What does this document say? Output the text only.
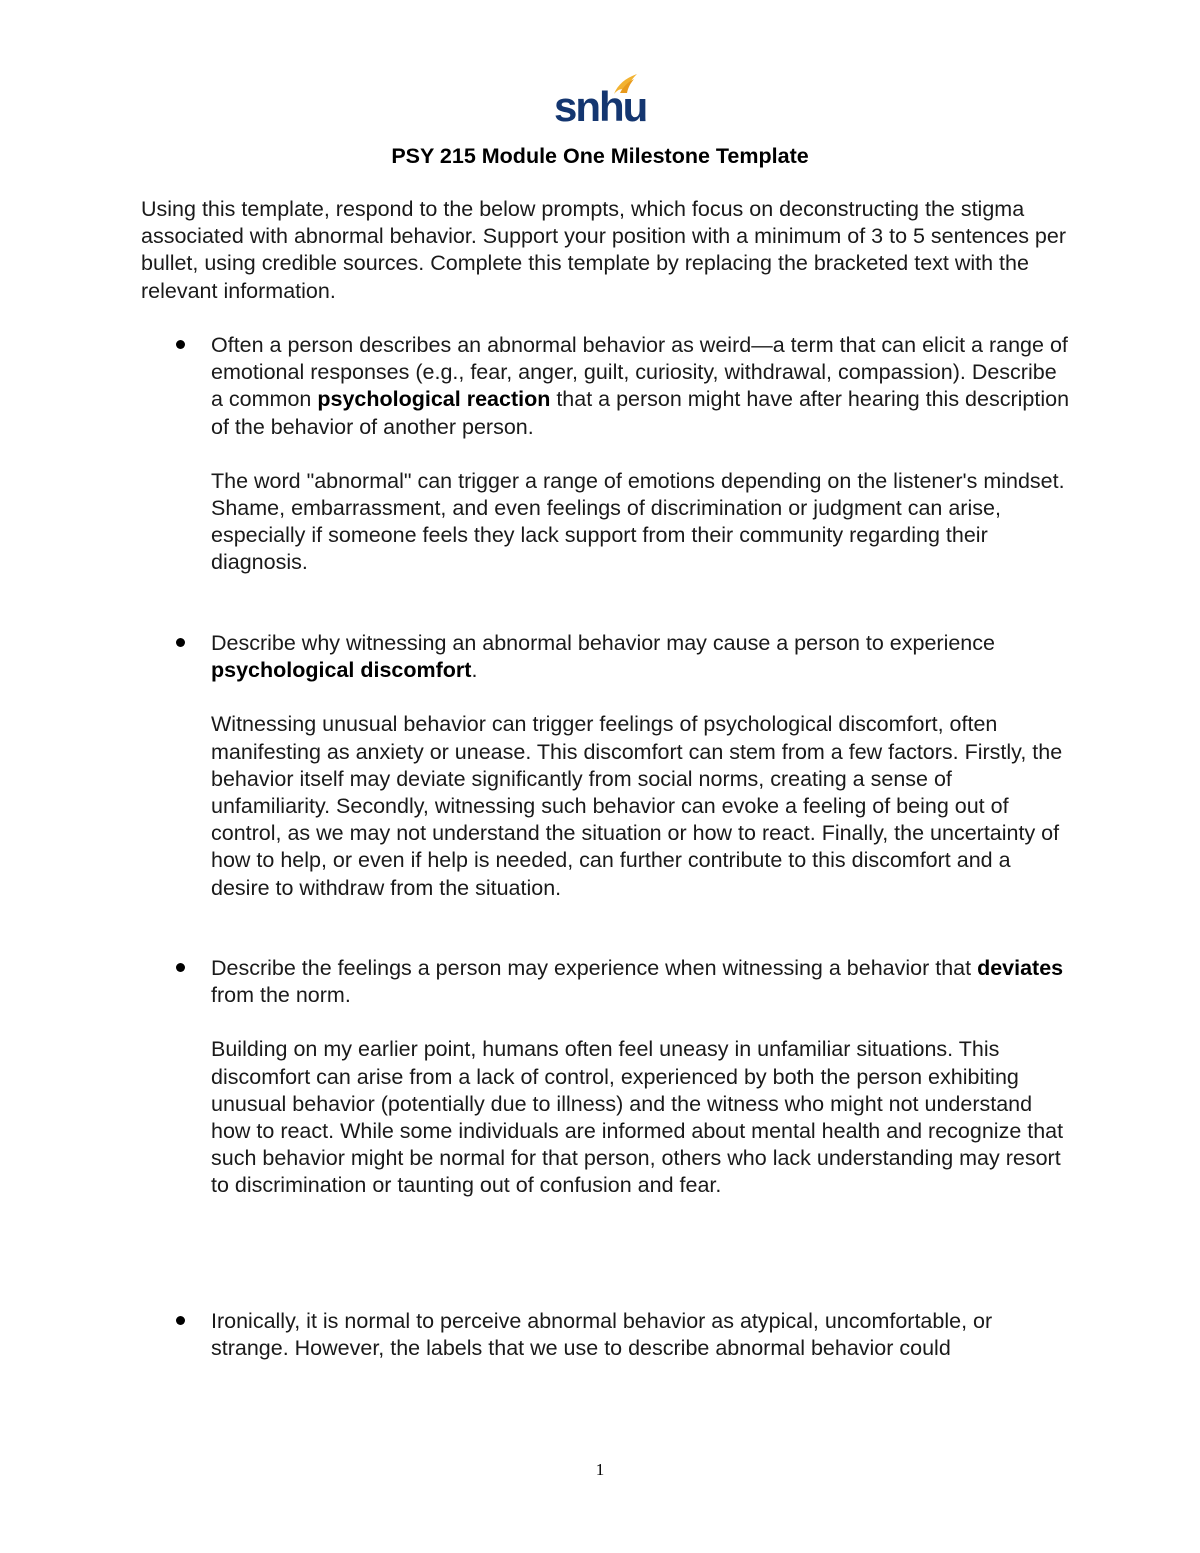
snhu
PSY 215 Module One Milestone Template

Using this template, respond to the below prompts, which focus on deconstructing the stigma associated with abnormal behavior. Support your position with a minimum of 3 to 5 sentences per bullet, using credible sources. Complete this template by replacing the bracketed text with the relevant information.

Often a person describes an abnormal behavior as weird—a term that can elicit a range of emotional responses (e.g., fear, anger, guilt, curiosity, withdrawal, compassion). Describe a common psychological reaction that a person might have after hearing this description of the behavior of another person.

The word "abnormal" can trigger a range of emotions depending on the listener's mindset. Shame, embarrassment, and even feelings of discrimination or judgment can arise, especially if someone feels they lack support from their community regarding their diagnosis.

Describe why witnessing an abnormal behavior may cause a person to experience psychological discomfort.

Witnessing unusual behavior can trigger feelings of psychological discomfort, often manifesting as anxiety or unease. This discomfort can stem from a few factors. Firstly, the behavior itself may deviate significantly from social norms, creating a sense of unfamiliarity. Secondly, witnessing such behavior can evoke a feeling of being out of control, as we may not understand the situation or how to react. Finally, the uncertainty of how to help, or even if help is needed, can further contribute to this discomfort and a desire to withdraw from the situation.

Describe the feelings a person may experience when witnessing a behavior that deviates from the norm.

Building on my earlier point, humans often feel uneasy in unfamiliar situations. This discomfort can arise from a lack of control, experienced by both the person exhibiting unusual behavior (potentially due to illness) and the witness who might not understand how to react. While some individuals are informed about mental health and recognize that such behavior might be normal for that person, others who lack understanding may resort to discrimination or taunting out of confusion and fear.

Ironically, it is normal to perceive abnormal behavior as atypical, uncomfortable, or strange. However, the labels that we use to describe abnormal behavior could

1
